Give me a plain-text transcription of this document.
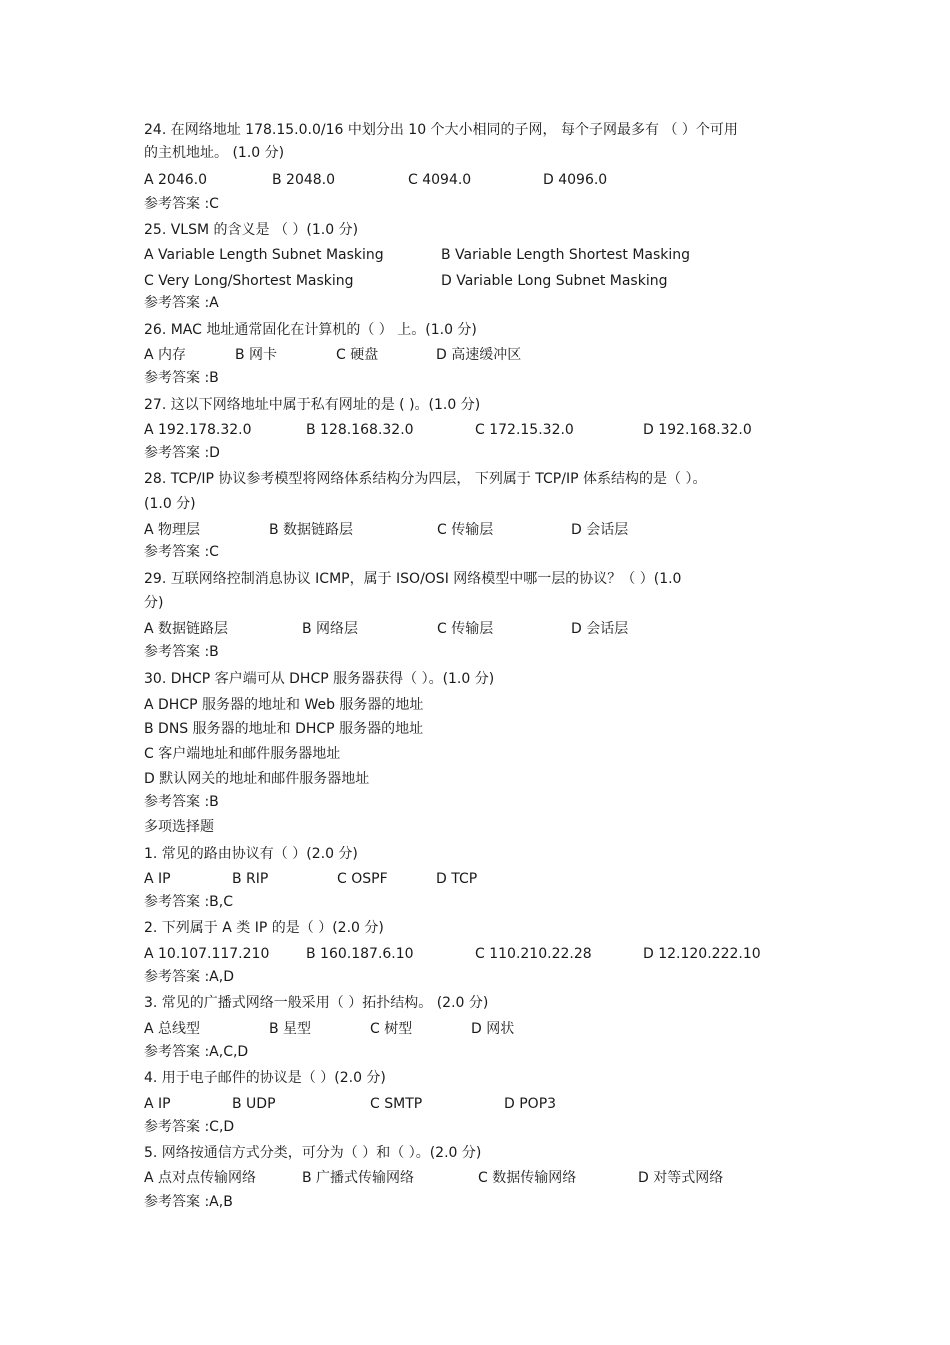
24. 在网络地址 178.15.0.0/16 中划分出 10 个大小相同的子网， 每个子网最多有 （ ）个可用
的主机地址。 (1.0 分)
A 2046.0	B 2048.0	C 4094.0	D 4096.0
参考答案 :C
25. VLSM 的含义是 （ ）(1.0 分)
A Variable Length Subnet Masking	B Variable Length Shortest Masking
C Very Long/Shortest Masking	D Variable Long Subnet Masking
参考答案 :A
26. MAC 地址通常固化在计算机的（ ） 上。(1.0 分)
A 内存	B 网卡	C 硬盘	D 高速缓冲区
参考答案 :B
27. 这以下网络地址中属于私有网址的是 ( )。(1.0 分)
A 192.178.32.0	B 128.168.32.0	C 172.15.32.0	D 192.168.32.0
参考答案 :D
28. TCP/IP 协议参考模型将网络体系结构分为四层， 下列属于 TCP/IP 体系结构的是（ ）。
(1.0 分)
A 物理层	B 数据链路层	C 传输层	D 会话层
参考答案 :C
29. 互联网络控制消息协议 ICMP，属于 ISO/OSI 网络模型中哪一层的协议？（ ）(1.0
分)
A 数据链路层	B 网络层	C 传输层	D 会话层
参考答案 :B
30. DHCP 客户端可从 DHCP 服务器获得（ ）。(1.0 分)
A DHCP 服务器的地址和 Web 服务器的地址
B DNS 服务器的地址和 DHCP 服务器的地址
C 客户端地址和邮件服务器地址
D 默认网关的地址和邮件服务器地址
参考答案 :B
多项选择题
1. 常见的路由协议有（ ）(2.0 分)
A IP	B RIP	C OSPF	D TCP
参考答案 :B,C
2. 下列属于 A 类 IP 的是（ ）(2.0 分)
A 10.107.117.210	B 160.187.6.10	C 110.210.22.28	D 12.120.222.10
参考答案 :A,D
3. 常见的广播式网络一般采用（ ）拓扑结构。 (2.0 分)
A 总线型	B 星型	C 树型	D 网状
参考答案 :A,C,D
4. 用于电子邮件的协议是（ ）(2.0 分)
A IP	B UDP	C SMTP	D POP3
参考答案 :C,D
5. 网络按通信方式分类，可分为（ ）和（ ）。(2.0 分)
A 点对点传输网络	B 广播式传输网络	C 数据传输网络	D 对等式网络
参考答案 :A,B
